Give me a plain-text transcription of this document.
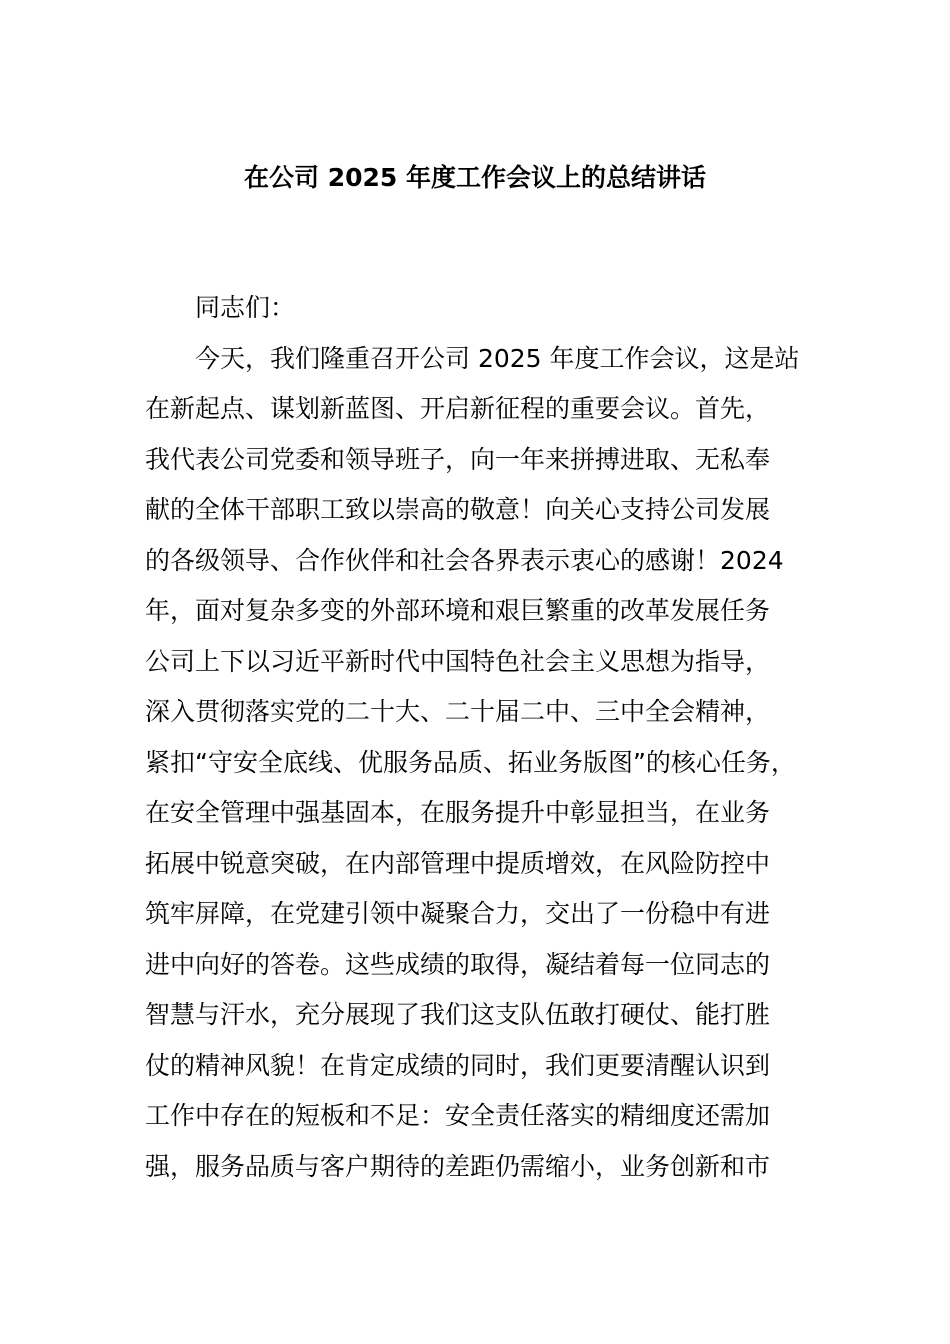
在公司 2025 年度工作会议上的总结讲话
同志们：
今天，我们隆重召开公司 2025 年度工作会议，这是站
在新起点、谋划新蓝图、开启新征程的重要会议。首先，
我代表公司党委和领导班子，向一年来拼搏进取、无私奉
献的全体干部职工致以崇高的敬意！向关心支持公司发展
的各级领导、合作伙伴和社会各界表示衷心的感谢！2024
年，面对复杂多变的外部环境和艰巨繁重的改革发展任务
公司上下以习近平新时代中国特色社会主义思想为指导，
深入贯彻落实党的二十大、二十届二中、三中全会精神，
紧扣“守安全底线、优服务品质、拓业务版图”的核心任务，
在安全管理中强基固本，在服务提升中彰显担当，在业务
拓展中锐意突破，在内部管理中提质增效，在风险防控中
筑牢屏障，在党建引领中凝聚合力，交出了一份稳中有进
进中向好的答卷。这些成绩的取得，凝结着每一位同志的
智慧与汗水，充分展现了我们这支队伍敢打硬仗、能打胜
仗的精神风貌！在肯定成绩的同时，我们更要清醒认识到
工作中存在的短板和不足：安全责任落实的精细度还需加
强，服务品质与客户期待的差距仍需缩小，业务创新和市
